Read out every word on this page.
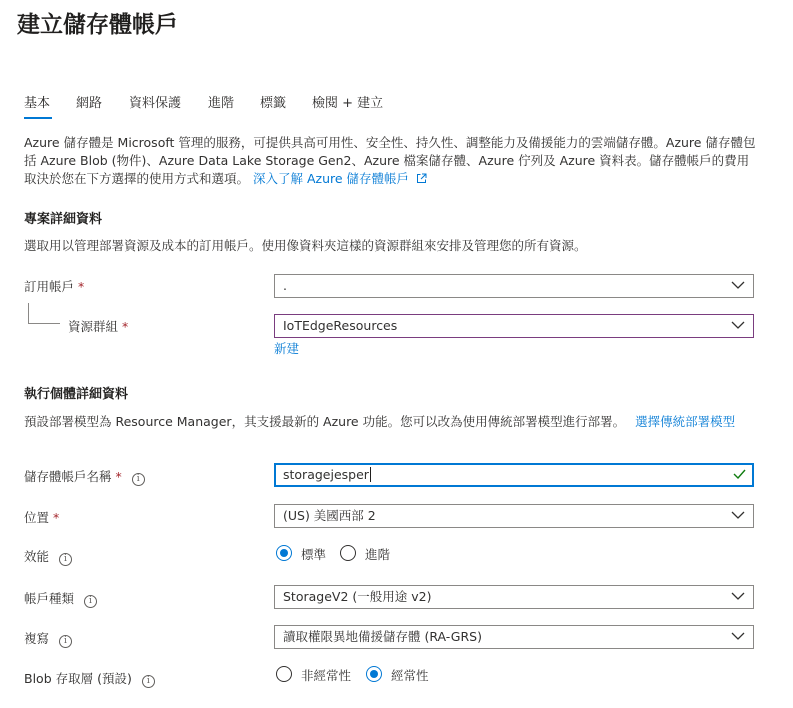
建立儲存體帳戶
基本 網路 資料保護 進階 標籤 檢閱 + 建立
Azure 儲存體是 Microsoft 管理的服務，可提供具高可用性、安全性、持久性、調整能力及備援能力的雲端儲存體。Azure 儲存體包括 Azure Blob (物件)、Azure Data Lake Storage Gen2、Azure 檔案儲存體、Azure 佇列及 Azure 資料表。儲存體帳戶的費用取決於您在下方選擇的使用方式和選項。 深入了解 Azure 儲存體帳戶
專案詳細資料
選取用以管理部署資源及成本的訂用帳戶。使用像資料夾這樣的資源群組來安排及管理您的所有資源。
訂用帳戶 *	.
資源群組 *	IoTEdgeResources
新建
執行個體詳細資料
預設部署模型為 Resource Manager，其支援最新的 Azure 功能。您可以改為使用傳統部署模型進行部署。 選擇傳統部署模型
儲存體帳戶名稱 * i	storagejesper
位置 *	(US) 美國西部 2
效能 i	標準	進階
帳戶種類 i	StorageV2 (一般用途 v2)
複寫 i	讀取權限異地備援儲存體 (RA-GRS)
Blob 存取層 (預設) i	非經常性	經常性
